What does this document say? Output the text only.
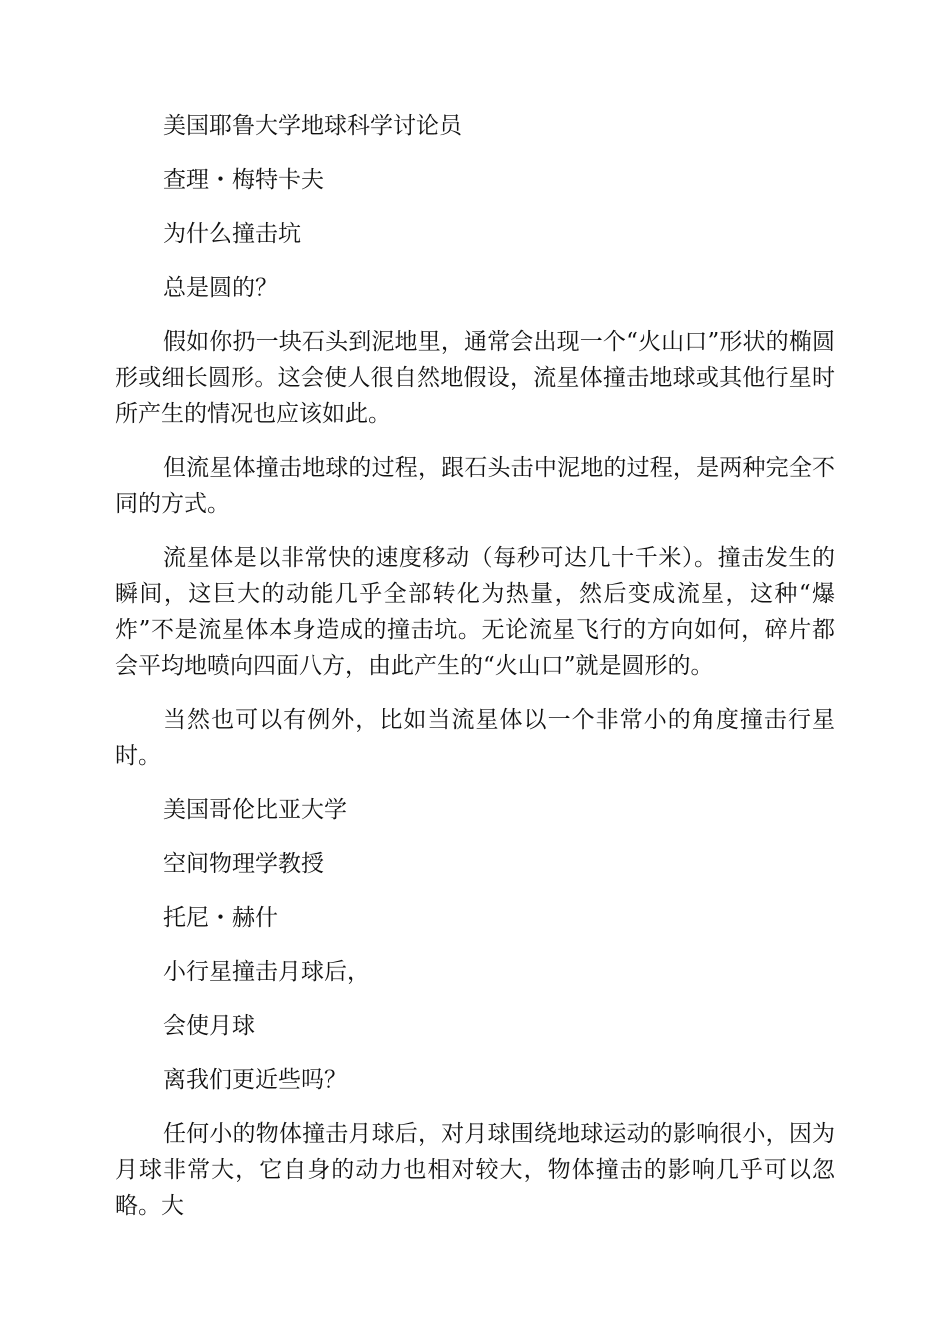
美国耶鲁大学地球科学讨论员

查理・梅特卡夫

为什么撞击坑

总是圆的？

假如你扔一块石头到泥地里，通常会出现一个“火山口”形状的椭圆形或细长圆形。这会使人很自然地假设，流星体撞击地球或其他行星时所产生的情况也应该如此。

但流星体撞击地球的过程，跟石头击中泥地的过程，是两种完全不同的方式。

流星体是以非常快的速度移动（每秒可达几十千米）。撞击发生的瞬间，这巨大的动能几乎全部转化为热量，然后变成流星，这种“爆炸”不是流星体本身造成的撞击坑。无论流星飞行的方向如何，碎片都会平均地喷向四面八方，由此产生的“火山口”就是圆形的。

当然也可以有例外，比如当流星体以一个非常小的角度撞击行星时。

美国哥伦比亚大学

空间物理学教授

托尼・赫什

小行星撞击月球后，

会使月球

离我们更近些吗？

任何小的物体撞击月球后，对月球围绕地球运动的影响很小，因为月球非常大，它自身的动力也相对较大，物体撞击的影响几乎可以忽略。大
